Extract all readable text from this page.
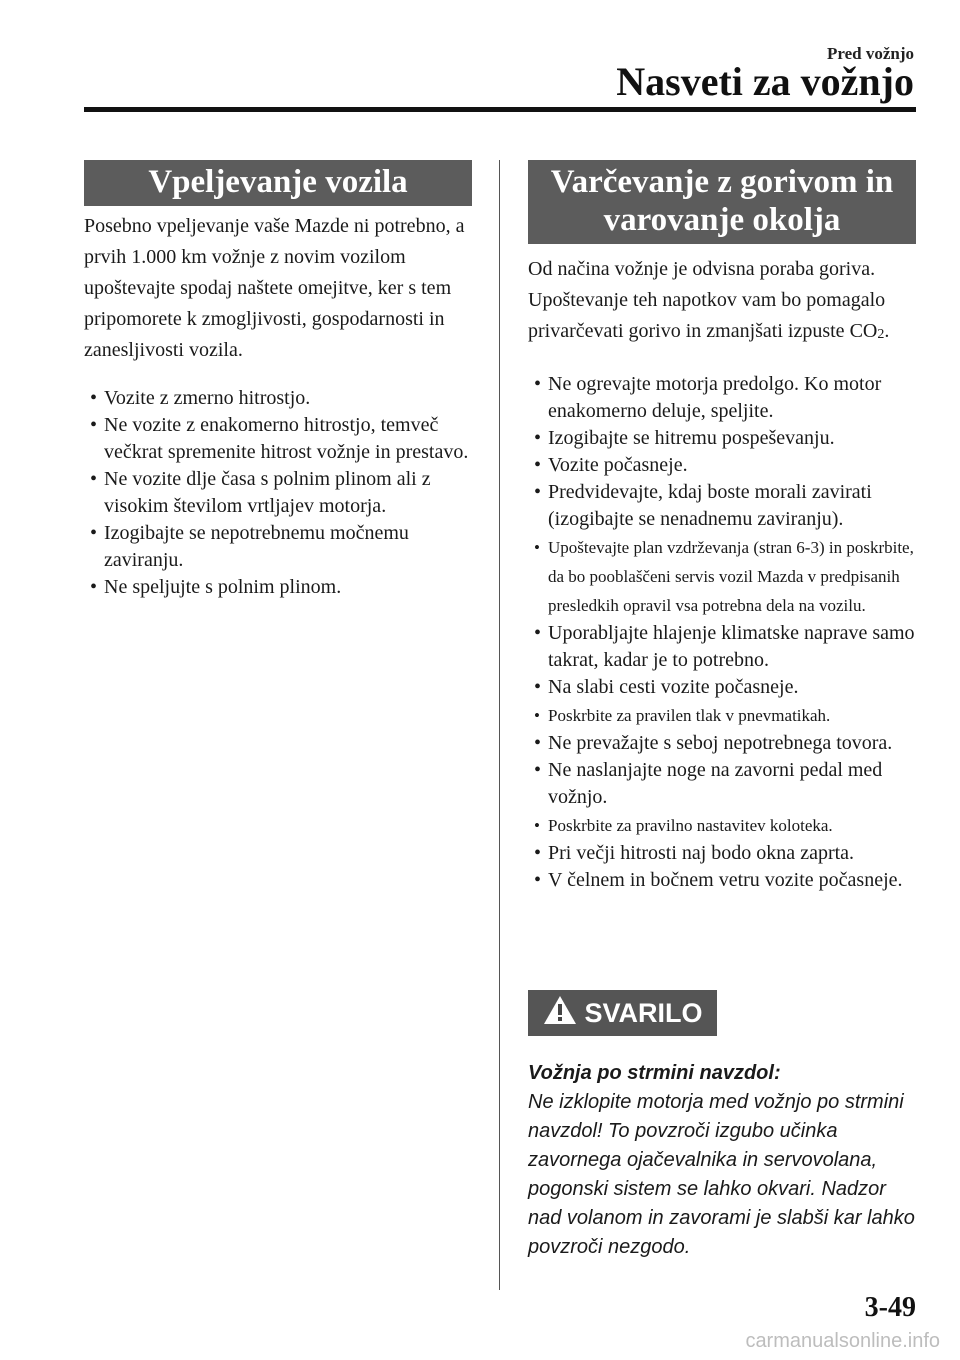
Pred vožnjo
Nasveti za vožnjo
Vpeljevanje vozila

Posebno vpeljevanje vaše Mazde ni potrebno, a prvih 1.000 km vožnje z novim vozilom upoštevajte spodaj naštete omejitve, ker s tem pripomorete k zmogljivosti, gospodarnosti in zanesljivosti vozila.

• Vozite z zmerno hitrostjo.
• Ne vozite z enakomerno hitrostjo, temveč večkrat spremenite hitrost vožnje in prestavo.
• Ne vozite dlje časa s polnim plinom ali z visokim številom vrtljajev motorja.
• Izogibajte se nepotrebnemu močnemu zaviranju.
• Ne speljujte s polnim plinom.
Varčevanje z gorivom in varovanje okolja

Od načina vožnje je odvisna poraba goriva. Upoštevanje teh napotkov vam bo pomagalo privarčevati gorivo in zmanjšati izpuste $CO_2$.

• Ne ogrevajte motorja predolgo. Ko motor enakomerno deluje, speljite.
• Izogibajte se hitremu pospeševanju.
• Vozite počasneje.
• Predvidevajte, kdaj boste morali zavirati (izogibajte se nenadnemu zaviranju).
• Upoštevajte plan vzdrževanja (stran 6-3) in poskrbite, da bo pooblaščeni servis vozil Mazda v predpisanih presledkih opravil vsa potrebna dela na vozilu.
• Uporabljajte hlajenje klimatske naprave samo takrat, kadar je to potrebno.
• Na slabi cesti vozite počasneje.
• Poskrbite za pravilen tlak v pnevmatikah.
• Ne prevažajte s seboj nepotrebnega tovora.
• Ne naslanjajte noge na zavorni pedal med vožnjo.
• Poskrbite za pravilno nastavitev koloteka.
• Pri večji hitrosti naj bodo okna zaprta.
• V čelnem in bočnem vetru vozite počasneje.
SVARILO
Vožnja po strmini navzdol:

Ne izklopite motorja med vožnjo po strmini navzdol! To povzroči izgubo učinka zavornega ojačevalnika in servovolana, pogonski sistem se lahko okvari. Nadzor nad volanom in zavorami je slabši kar lahko povzroči nezgodo.

3-49
carmanualsonline.info
